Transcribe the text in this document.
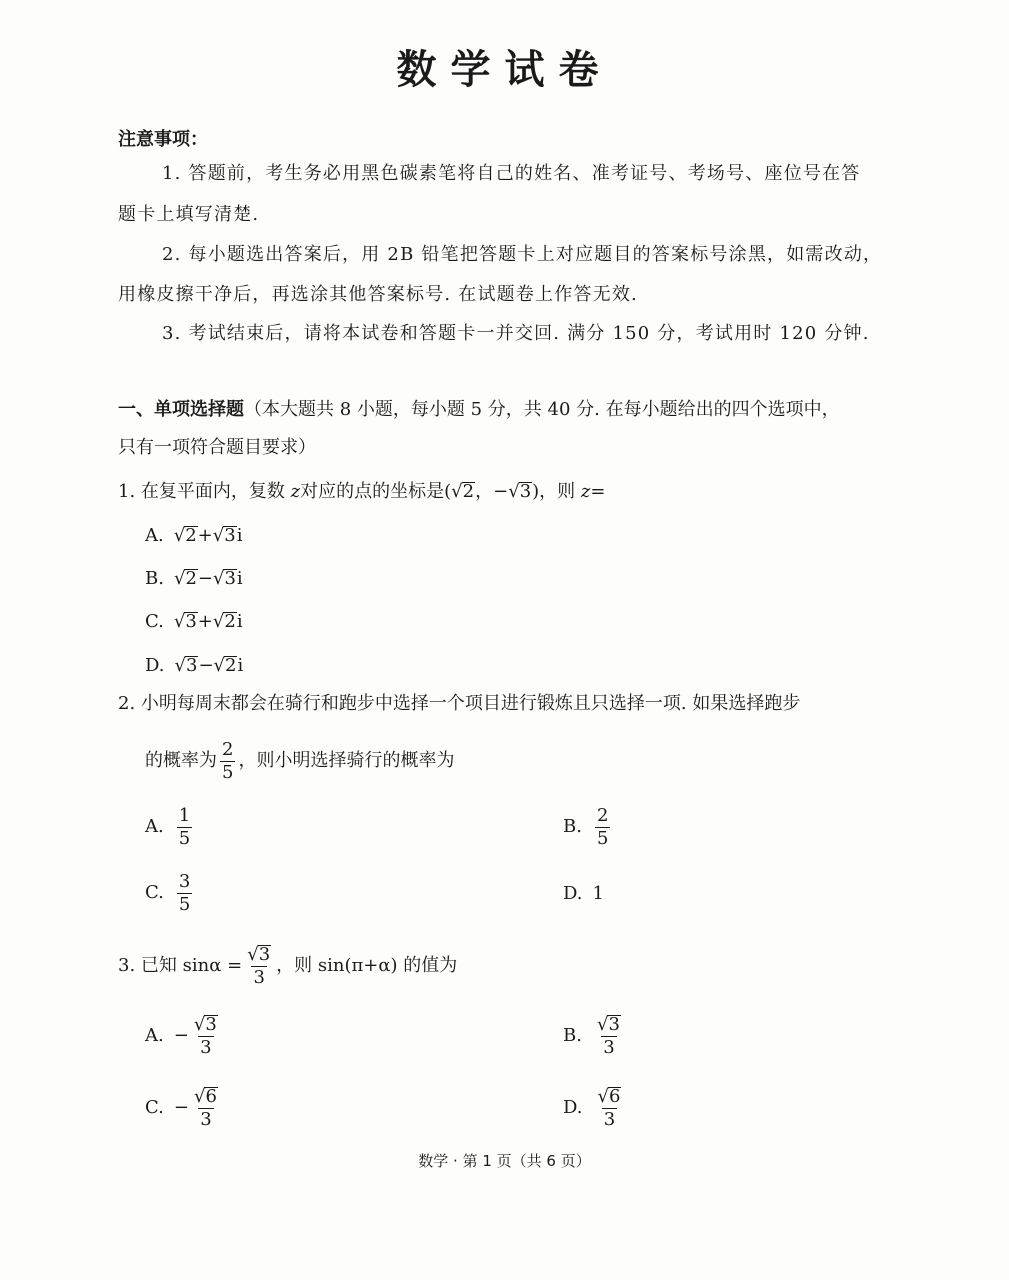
数学试卷
注意事项：
1. 答题前，考生务必用黑色碳素笔将自己的姓名、准考证号、考场号、座位号在答
题卡上填写清楚.
2. 每小题选出答案后，用 2B 铅笔把答题卡上对应题目的答案标号涂黑，如需改动，
用橡皮擦干净后，再选涂其他答案标号. 在试题卷上作答无效.
3. 考试结束后，请将本试卷和答题卡一并交回. 满分 150 分，考试用时 120 分钟.
一、单项选择题（本大题共 8 小题，每小题 5 分，共 40 分. 在每小题给出的四个选项中，
只有一项符合题目要求）
1. 在复平面内，复数 z对应的点的坐标是(√2，−√3)，则 z=
A. √2+√3i
B. √2−√3i
C. √3+√2i
D. √3−√2i
2. 小明每周末都会在骑行和跑步中选择一个项目进行锻炼且只选择一项. 如果选择跑步
的概率为 $\frac{2}{5}$ ，则小明选择骑行的概率为
A. $\frac{1}{5}$	B. $\frac{2}{5}$
C. $\frac{3}{5}$	D. 1
3. 已知 $\sin\alpha = \frac{√3}{3}$ ，则 sin(π+α) 的值为
A. − $\frac{√3}{3}$	B. $\frac{√3}{3}$
C. − $\frac{√6}{3}$	D. $\frac{√6}{3}$
数学 · 第 1 页（共 6 页）
